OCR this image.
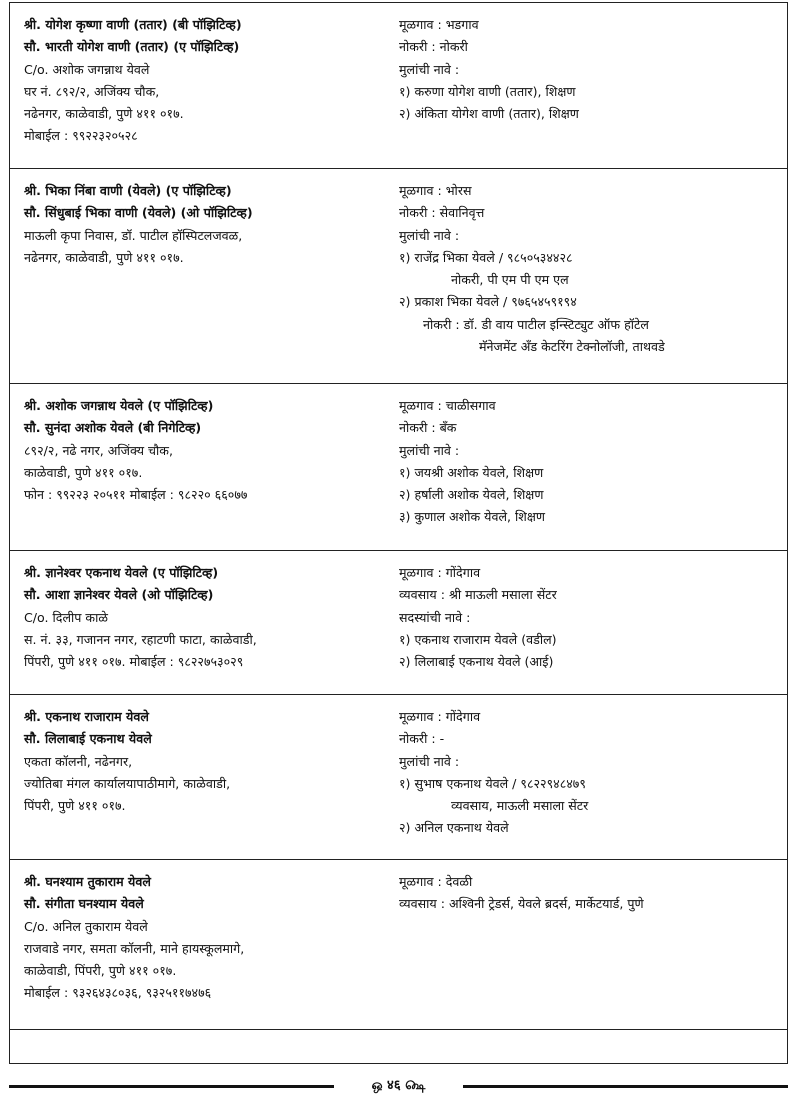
श्री. योगेश कृष्णा वाणी (ततार) (बी पॉझिटिव्ह)
सौ. भारती योगेश वाणी (ततार) (ए पॉझिटिव्ह)
C/o. अशोक जगन्नाथ येवले
घर नं. ८९२/२, अजिंक्य चौक,
नढेनगर, काळेवाडी, पुणे ४११ ०१७.
मोबाईल : ९९२२३२०५२८
मूळगाव : भडगाव
नोकरी : नोकरी
मुलांची नावे :
१) करुणा योगेश वाणी (ततार), शिक्षण
२) अंकिता योगेश वाणी (ततार), शिक्षण
श्री. भिका निंबा वाणी (येवले) (ए पॉझिटिव्ह)
सौ. सिंधुबाई भिका वाणी (येवले) (ओ पॉझिटिव्ह)
माऊली कृपा निवास, डॉ. पाटील हॉस्पिटलजवळ,
नढेनगर, काळेवाडी, पुणे ४११ ०१७.
मूळगाव : भोरस
नोकरी : सेवानिवृत्त
मुलांची नावे :
१) राजेंद्र भिका येवले / ९८५०५३४४२८
नोकरी, पी एम पी एम एल
२) प्रकाश भिका येवले / ९७६५४५९१९४
नोकरी : डॉ. डी वाय पाटील इन्स्टिट्युट ऑफ हॉटेल
मॅनेजमेंट अँड केटरिंग टेक्नोलॉजी, ताथवडे
श्री. अशोक जगन्नाथ येवले (ए पॉझिटिव्ह)
सौ. सुनंदा अशोक येवले (बी निगेटिव्ह)
८९२/२, नढे नगर, अजिंक्य चौक,
काळेवाडी, पुणे ४११ ०१७.
फोन : ९९२२३ २०५११ मोबाईल : ९८२२० ६६०७७
मूळगाव : चाळीसगाव
नोकरी : बँक
मुलांची नावे :
१) जयश्री अशोक येवले, शिक्षण
२) हर्षाली अशोक येवले, शिक्षण
३) कुणाल अशोक येवले, शिक्षण
श्री. ज्ञानेश्वर एकनाथ येवले (ए पॉझिटिव्ह)
सौ. आशा ज्ञानेश्वर येवले (ओ पॉझिटिव्ह)
C/o. दिलीप काळे
स. नं. ३३, गजानन नगर, रहाटणी फाटा, काळेवाडी,
पिंपरी, पुणे ४११ ०१७. मोबाईल : ९८२२७५३०२९
मूळगाव : गोंदेगाव
व्यवसाय : श्री माऊली मसाला सेंटर
सदस्यांची नावे :
१) एकनाथ राजाराम येवले (वडील)
२) लिलाबाई एकनाथ येवले (आई)
श्री. एकनाथ राजाराम येवले
सौ. लिलाबाई एकनाथ येवले
एकता कॉलनी, नढेनगर,
ज्योतिबा मंगल कार्यालयापाठीमागे, काळेवाडी,
पिंपरी, पुणे ४११ ०१७.
मूळगाव : गोंदेगाव
नोकरी : -
मुलांची नावे :
१) सुभाष एकनाथ येवले / ९८२२९४८४७९
व्यवसाय, माऊली मसाला सेंटर
२) अनिल एकनाथ येवले
श्री. घनश्याम तुकाराम येवले
सौ. संगीता घनश्याम येवले
C/o. अनिल तुकाराम येवले
राजवाडे नगर, समता कॉलनी, माने हायस्कूलमागे,
काळेवाडी, पिंपरी, पुणे ४११ ०१७.
मोबाईल : ९३२६४३८०३६, ९३२५११७४७६
मूळगाव : देवळी
व्यवसाय : अश्विनी ट्रेडर्स, येवले ब्रदर्स, मार्केटयार्ड, पुणे
ஒ ४६ ௸
